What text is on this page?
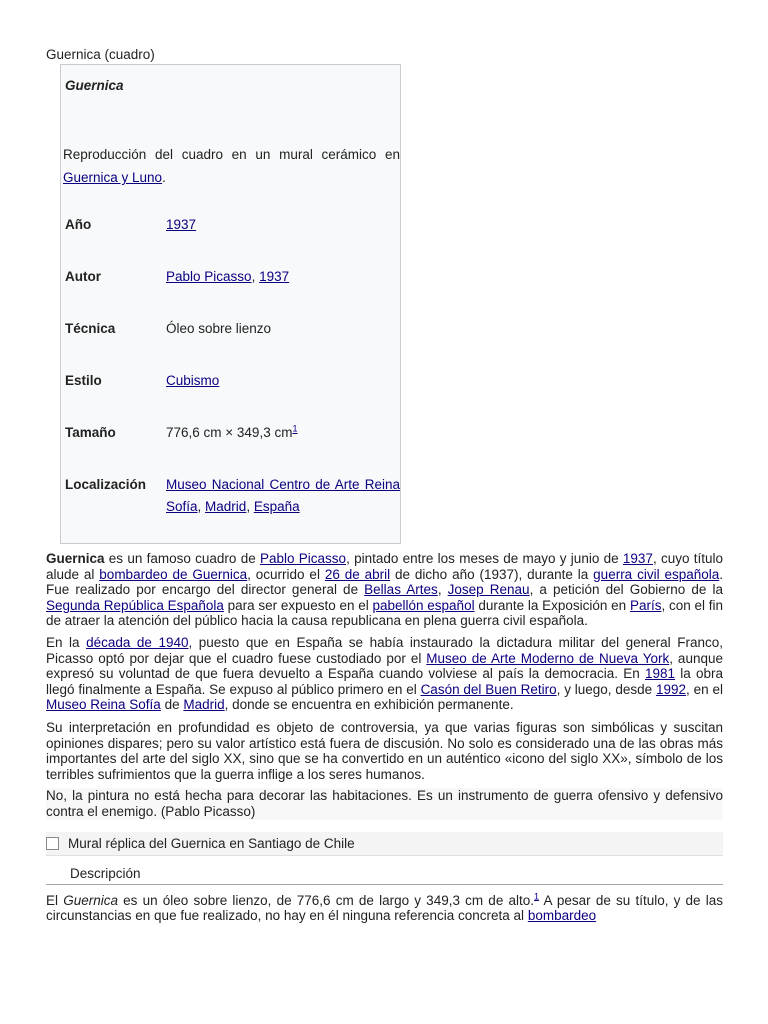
Guernica (cuadro)
Guernica
Reproducción del cuadro en un mural cerámico en Guernica y Luno.
Año	1937
Autor	Pablo Picasso, 1937
Técnica	Óleo sobre lienzo
Estilo	Cubismo
Tamaño	776,6 cm × 349,3 $cm^1$
Localización	Museo Nacional Centro de Arte Reina Sofía, Madrid, España

Guernica es un famoso cuadro de Pablo Picasso, pintado entre los meses de mayo y junio de 1937, cuyo título alude al bombardeo de Guernica, ocurrido el 26 de abril de dicho año (1937), durante la guerra civil española. Fue realizado por encargo del director general de Bellas Artes, Josep Renau, a petición del Gobierno de la Segunda República Española para ser expuesto en el pabellón español durante la Exposición en París, con el fin de atraer la atención del público hacia la causa republicana en plena guerra civil española.

En la década de 1940, puesto que en España se había instaurado la dictadura militar del general Franco, Picasso optó por dejar que el cuadro fuese custodiado por el Museo de Arte Moderno de Nueva York, aunque expresó su voluntad de que fuera devuelto a España cuando volviese al país la democracia. En 1981 la obra llegó finalmente a España. Se expuso al público primero en el Casón del Buen Retiro, y luego, desde 1992, en el Museo Reina Sofía de Madrid, donde se encuentra en exhibición permanente.

Su interpretación en profundidad es objeto de controversia, ya que varias figuras son simbólicas y suscitan opiniones dispares; pero su valor artístico está fuera de discusión. No solo es considerado una de las obras más importantes del arte del siglo XX, sino que se ha convertido en un auténtico «icono del siglo XX», símbolo de los terribles sufrimientos que la guerra inflige a los seres humanos.

No, la pintura no está hecha para decorar las habitaciones. Es un instrumento de guerra ofensivo y defensivo contra el enemigo. (Pablo Picasso)

Mural réplica del Guernica en Santiago de Chile
Descripción

El Guernica es un óleo sobre lienzo, de 776,6 cm de largo y 349,3 cm de alto.$^1$ A pesar de su título, y de las circunstancias en que fue realizado, no hay en él ninguna referencia concreta al bombardeo
